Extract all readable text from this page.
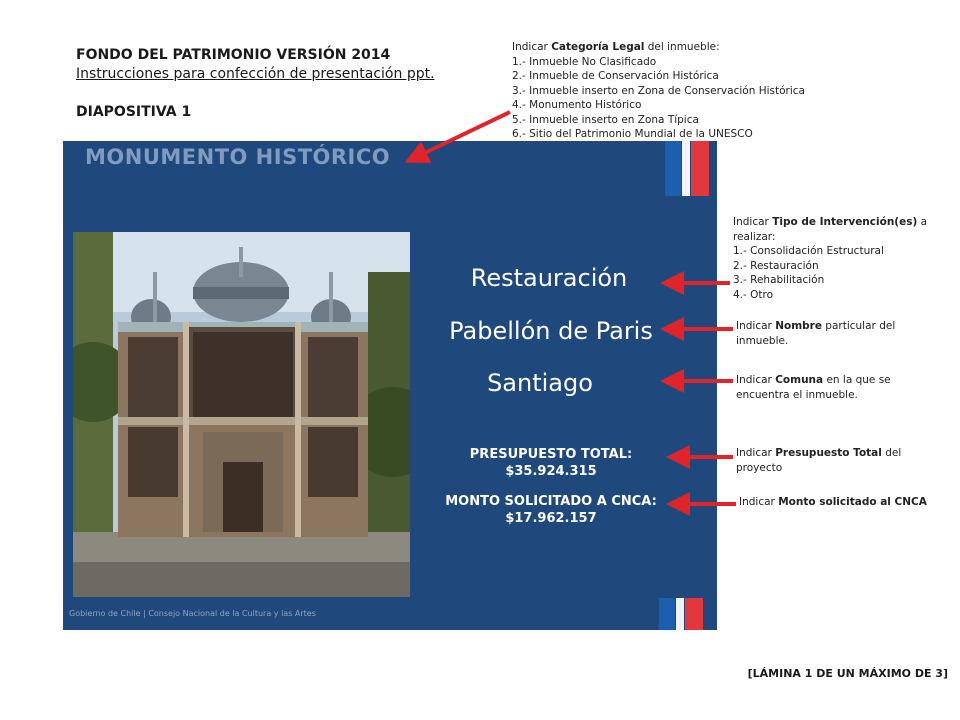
FONDO DEL PATRIMONIO VERSIÓN 2014
Instrucciones para confección de presentación ppt.
DIAPOSITIVA 1
Indicar Categoría Legal del inmueble:
1.- Inmueble No Clasificado
2.- Inmueble de Conservación Histórica
3.- Inmueble inserto en Zona de Conservación Histórica
4.- Monumento Histórico
5.- Inmueble inserto en Zona Típica
6.- Sitio del Patrimonio Mundial de la UNESCO
Indicar Tipo de Intervención(es) a realizar:
1.- Consolidación Estructural
2.- Restauración
3.- Rehabilitación
4.- Otro
Indicar Nombre particular del inmueble.
Indicar Comuna en la que se encuentra el inmueble.
Indicar Presupuesto Total del proyecto
Indicar Monto solicitado al CNCA
MONUMENTO HISTÓRICO
Restauración
Pabellón de Paris
Santiago
PRESUPUESTO TOTAL:
$35.924.315
MONTO SOLICITADO A CNCA:
$17.962.157
Gobierno de Chile | Consejo Nacional de la Cultura y las Artes
[LÁMINA 1 DE UN MÁXIMO DE 3]
